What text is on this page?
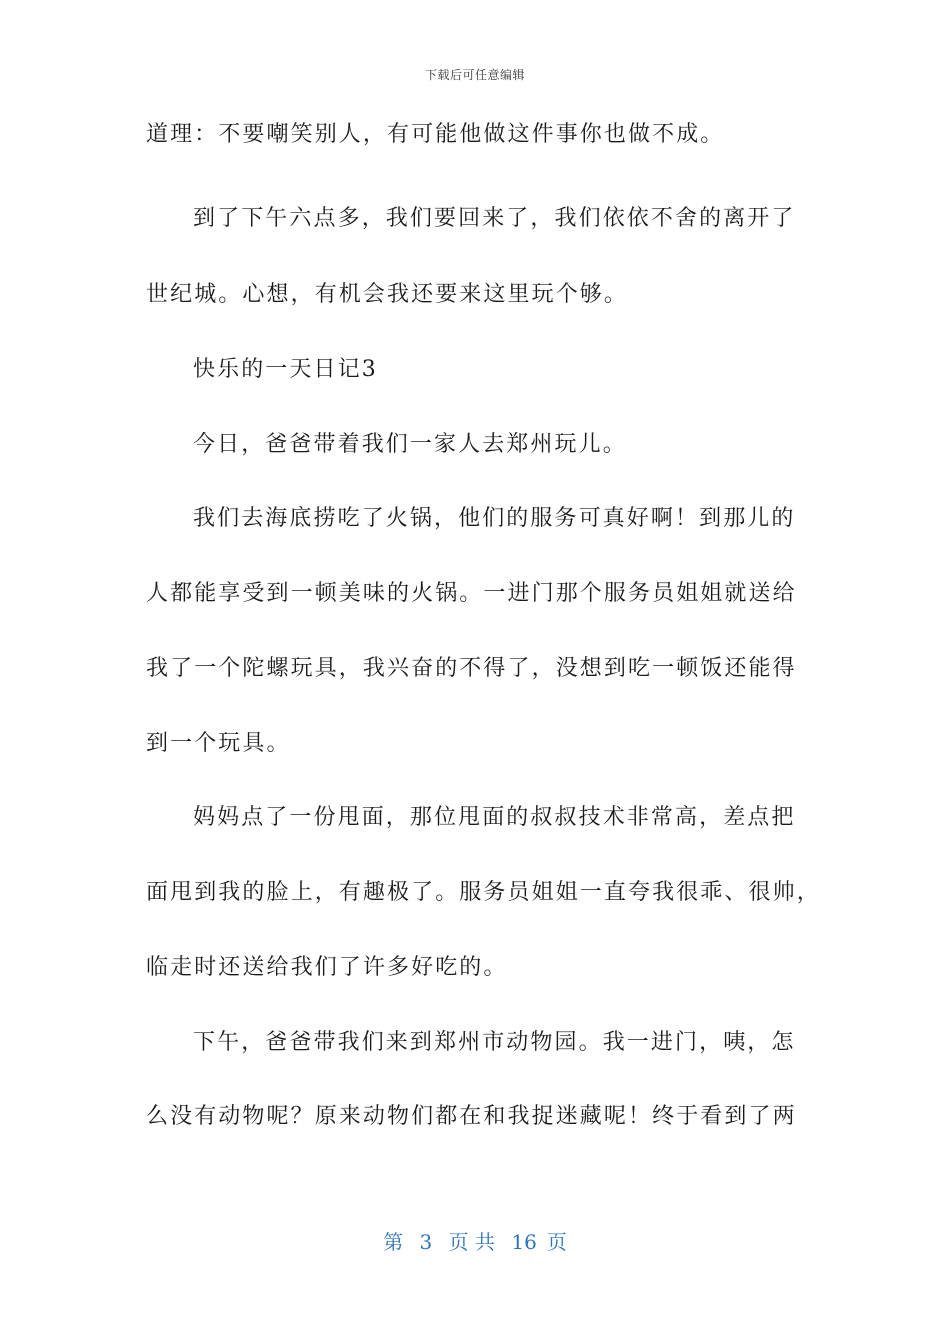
下载后可任意编辑
道理：不要嘲笑别人，有可能他做这件事你也做不成。
到了下午六点多，我们要回来了，我们依依不舍的离开了
世纪城。心想，有机会我还要来这里玩个够。
快乐的一天日记3
今日，爸爸带着我们一家人去郑州玩儿。
我们去海底捞吃了火锅，他们的服务可真好啊！到那儿的
人都能享受到一顿美味的火锅。一进门那个服务员姐姐就送给
我了一个陀螺玩具，我兴奋的不得了，没想到吃一顿饭还能得
到一个玩具。
妈妈点了一份甩面，那位甩面的叔叔技术非常高，差点把
面甩到我的脸上，有趣极了。服务员姐姐一直夸我很乖、很帅，
临走时还送给我们了许多好吃的。
下午，爸爸带我们来到郑州市动物园。我一进门，咦，怎
么没有动物呢？原来动物们都在和我捉迷藏呢！终于看到了两
第 3 页 共 16 页
